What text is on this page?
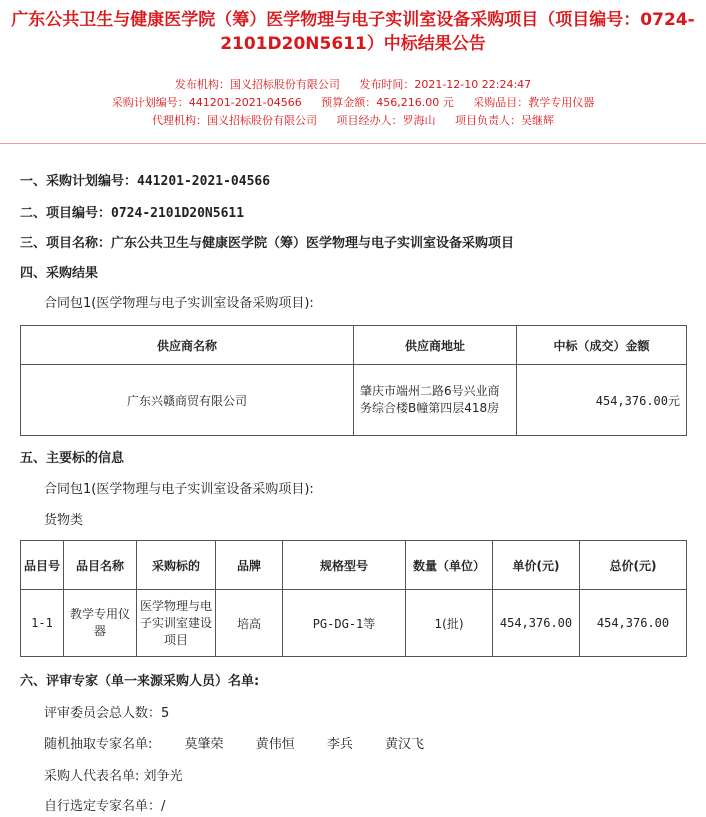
广东公共卫生与健康医学院（筹）医学物理与电子实训室设备采购项目（项目编号：0724-2101D20N5611）中标结果公告
发布机构：国义招标股份有限公司 发布时间：2021-12-10 22:24:47
采购计划编号：441201-2021-04566 预算金额：456,216.00 元 采购品目：教学专用仪器
代理机构：国义招标股份有限公司 项目经办人：罗海山 项目负责人：吴继辉
一、采购计划编号：441201-2021-04566
二、项目编号：0724-2101D20N5611
三、项目名称：广东公共卫生与健康医学院（筹）医学物理与电子实训室设备采购项目
四、采购结果
合同包1(医学物理与电子实训室设备采购项目):
供应商名称	供应商地址	中标（成交）金额
广东兴赣商贸有限公司	肇庆市端州二路6号兴业商务综合楼B幢第四层418房	454,376.00元
五、主要标的信息
合同包1(医学物理与电子实训室设备采购项目):
货物类
品目号	品目名称	采购标的	品牌	规格型号	数量（单位）	单价(元)	总价(元)
1-1	教学专用仪器	医学物理与电子实训室建设项目	培高	PG-DG-1等	1(批)	454,376.00	454,376.00
六、评审专家（单一来源采购人员）名单:
评审委员会总人数：5
随机抽取专家名单: 莫肇荣 黄伟恒 李兵 黄汉飞
采购人代表名单: 刘争光
自行选定专家名单：/
